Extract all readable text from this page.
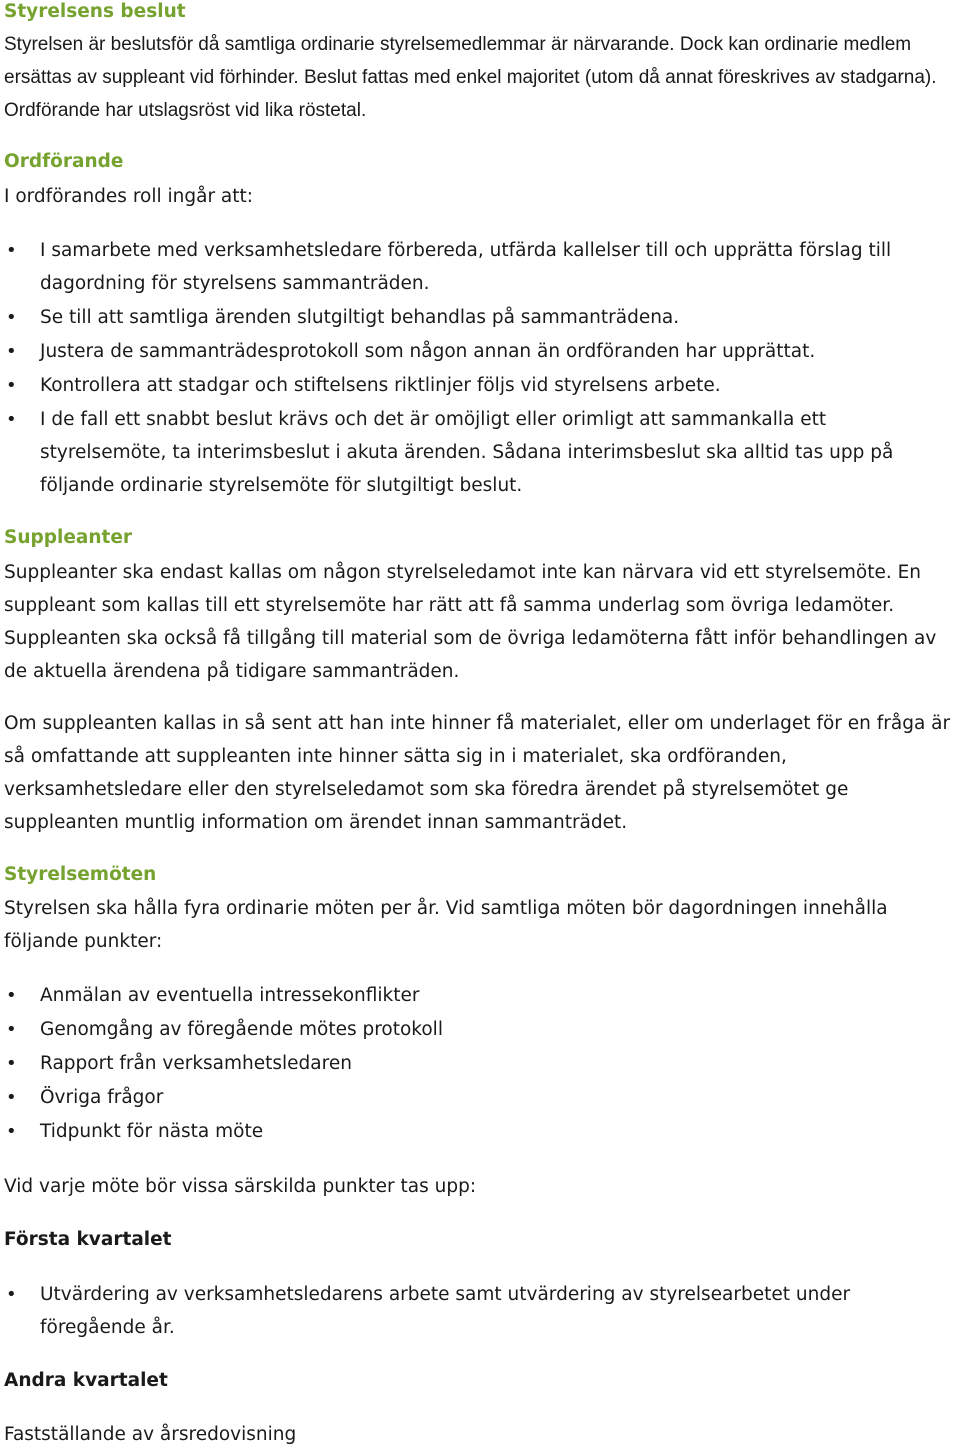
Styrelsens beslut

Styrelsen är beslutsför då samtliga ordinarie styrelsemedlemmar är närvarande. Dock kan ordinarie medlem ersättas av suppleant vid förhinder. Beslut fattas med enkel majoritet (utom då annat föreskrives av stadgarna). Ordförande har utslagsröst vid lika röstetal.

Ordförande

I ordförandes roll ingår att:

• I samarbete med verksamhetsledare förbereda, utfärda kallelser till och upprätta förslag till dagordning för styrelsens sammanträden.
• Se till att samtliga ärenden slutgiltigt behandlas på sammanträdena.
• Justera de sammanträdesprotokoll som någon annan än ordföranden har upprättat.
• Kontrollera att stadgar och stiftelsens riktlinjer följs vid styrelsens arbete.
• I de fall ett snabbt beslut krävs och det är omöjligt eller orimligt att sammankalla ett styrelsemöte, ta interimsbeslut i akuta ärenden. Sådana interimsbeslut ska alltid tas upp på följande ordinarie styrelsemöte för slutgiltigt beslut.
Suppleanter

Suppleanter ska endast kallas om någon styrelseledamot inte kan närvara vid ett styrelsemöte. En suppleant som kallas till ett styrelsemöte har rätt att få samma underlag som övriga ledamöter. Suppleanten ska också få tillgång till material som de övriga ledamöterna fått inför behandlingen av de aktuella ärendena på tidigare sammanträden.

Om suppleanten kallas in så sent att han inte hinner få materialet, eller om underlaget för en fråga är så omfattande att suppleanten inte hinner sätta sig in i materialet, ska ordföranden, verksamhetsledare eller den styrelseledamot som ska föredra ärendet på styrelsemötet ge suppleanten muntlig information om ärendet innan sammanträdet.

Styrelsemöten

Styrelsen ska hålla fyra ordinarie möten per år. Vid samtliga möten bör dagordningen innehålla följande punkter:

• Anmälan av eventuella intressekonflikter
• Genomgång av föregående mötes protokoll
• Rapport från verksamhetsledaren
• Övriga frågor
• Tidpunkt för nästa möte

Vid varje möte bör vissa särskilda punkter tas upp:

Första kvartalet
• Utvärdering av verksamhetsledarens arbete samt utvärdering av styrelsearbetet under föregående år.
Andra kvartalet

Fastställande av årsredovisning
